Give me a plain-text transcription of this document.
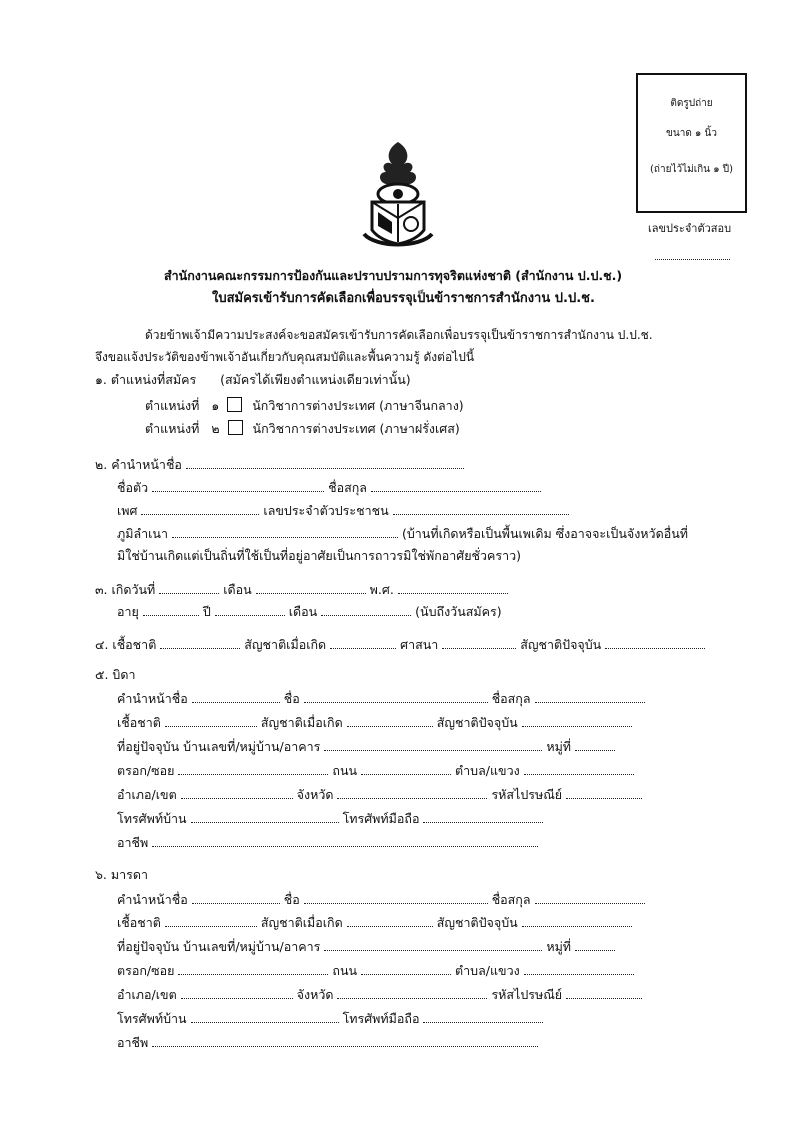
ติดรูปถ่าย
ขนาด ๑ นิ้ว
(ถ่ายไว้ไม่เกิน ๑ ปี)
เลขประจำตัวสอบ
สำนักงานคณะกรรมการป้องกันและปราบปรามการทุจริตแห่งชาติ (สำนักงาน ป.ป.ช.)
ใบสมัครเข้ารับการคัดเลือกเพื่อบรรจุเป็นข้าราชการสำนักงาน ป.ป.ช.
ด้วยข้าพเจ้ามีความประสงค์จะขอสมัครเข้ารับการคัดเลือกเพื่อบรรจุเป็นข้าราชการสำนักงาน ป.ป.ช.
จึงขอแจ้งประวัติของข้าพเจ้าอันเกี่ยวกับคุณสมบัติและพื้นความรู้ ดังต่อไปนี้
๑. ตำแหน่งที่สมัคร (สมัครได้เพียงตำแหน่งเดียวเท่านั้น)
ตำแหน่งที่ ๑	นักวิชาการต่างประเทศ (ภาษาจีนกลาง)
ตำแหน่งที่ ๒	นักวิชาการต่างประเทศ (ภาษาฝรั่งเศส)
๒. คำนำหน้าชื่อ
ชื่อตัว	ชื่อสกุล
เพศ	เลขประจำตัวประชาชน
ภูมิลำเนา	(บ้านที่เกิดหรือเป็นพื้นเพเดิม ซึ่งอาจจะเป็นจังหวัดอื่นที่
มิใช่บ้านเกิดแต่เป็นถิ่นที่ใช้เป็นที่อยู่อาศัยเป็นการถาวรมิใช่พักอาศัยชั่วคราว)
๓. เกิดวันที่	เดือน	พ.ศ.
อายุ	ปี	เดือน	(นับถึงวันสมัคร)
๔. เชื้อชาติ	สัญชาติเมื่อเกิด	ศาสนา	สัญชาติปัจจุบัน
๕. บิดา
คำนำหน้าชื่อ	ชื่อ	ชื่อสกุล
เชื้อชาติ	สัญชาติเมื่อเกิด	สัญชาติปัจจุบัน
ที่อยู่ปัจจุบัน บ้านเลขที่/หมู่บ้าน/อาคาร	หมู่ที่
ตรอก/ซอย	ถนน	ตำบล/แขวง
อำเภอ/เขต	จังหวัด	รหัสไปรษณีย์
โทรศัพท์บ้าน	โทรศัพท์มือถือ
อาชีพ
๖. มารดา
คำนำหน้าชื่อ	ชื่อ	ชื่อสกุล
เชื้อชาติ	สัญชาติเมื่อเกิด	สัญชาติปัจจุบัน
ที่อยู่ปัจจุบัน บ้านเลขที่/หมู่บ้าน/อาคาร	หมู่ที่
ตรอก/ซอย	ถนน	ตำบล/แขวง
อำเภอ/เขต	จังหวัด	รหัสไปรษณีย์
โทรศัพท์บ้าน	โทรศัพท์มือถือ
อาชีพ
